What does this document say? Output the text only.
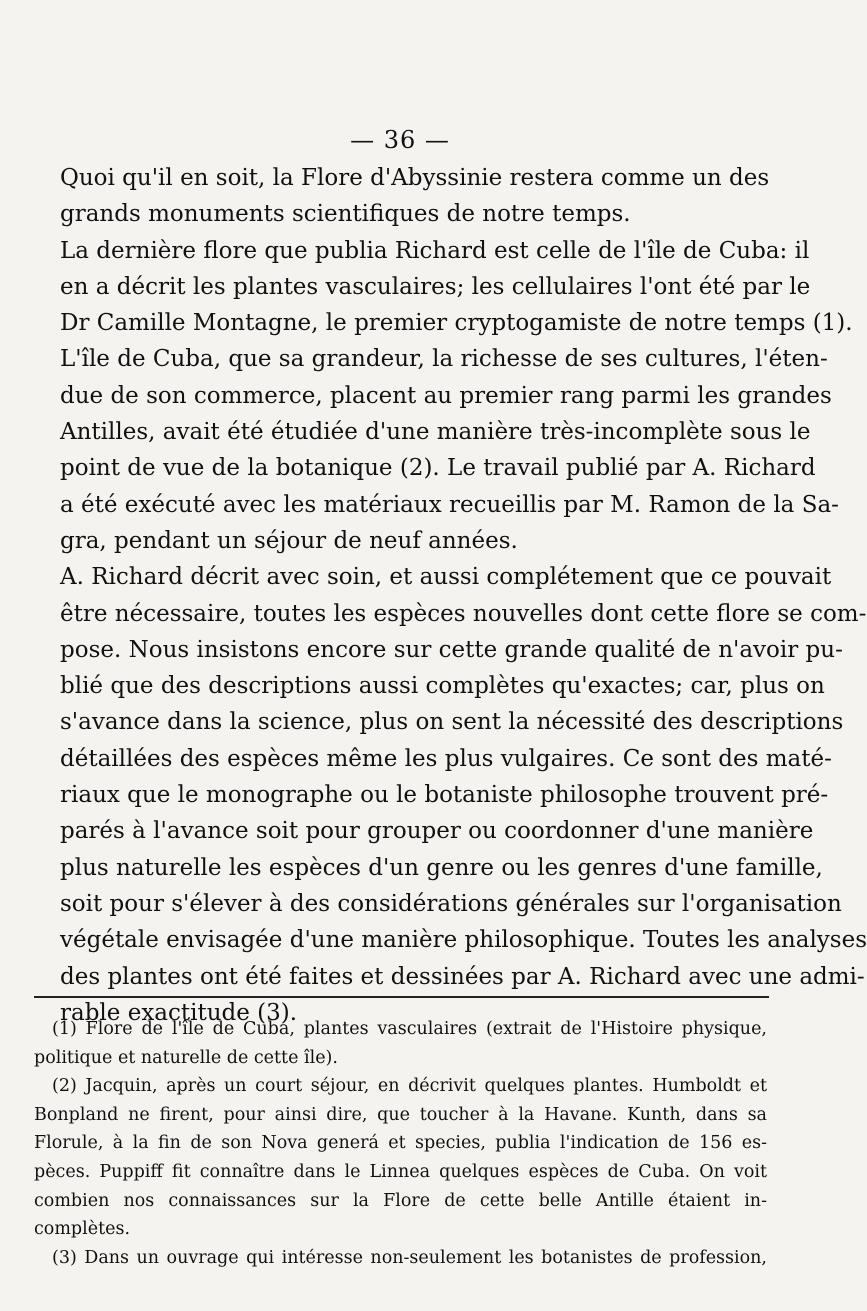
— 36 —
Quoi qu'il en soit, la Flore d'Abyssinie restera comme un des
grands monuments scientifiques de notre temps.
La dernière flore que publia Richard est celle de l'île de Cuba: il
en a décrit les plantes vasculaires; les cellulaires l'ont été par le
Dr Camille Montagne, le premier cryptogamiste de notre temps (1).
L'île de Cuba, que sa grandeur, la richesse de ses cultures, l'éten-
due de son commerce, placent au premier rang parmi les grandes
Antilles, avait été étudiée d'une manière très-incomplète sous le
point de vue de la botanique (2). Le travail publié par A. Richard
a été exécuté avec les matériaux recueillis par M. Ramon de la Sa-
gra, pendant un séjour de neuf années.
A. Richard décrit avec soin, et aussi complétement que ce pouvait
être nécessaire, toutes les espèces nouvelles dont cette flore se com-
pose. Nous insistons encore sur cette grande qualité de n'avoir pu-
blié que des descriptions aussi complètes qu'exactes; car, plus on
s'avance dans la science, plus on sent la nécessité des descriptions
détaillées des espèces même les plus vulgaires. Ce sont des maté-
riaux que le monographe ou le botaniste philosophe trouvent pré-
parés à l'avance soit pour grouper ou coordonner d'une manière
plus naturelle les espèces d'un genre ou les genres d'une famille,
soit pour s'élever à des considérations générales sur l'organisation
végétale envisagée d'une manière philosophique. Toutes les analyses
des plantes ont été faites et dessinées par A. Richard avec une admi-
rable exactitude (3).
(1) Flore de l'île de Cuba, plantes vasculaires (extrait de l'Histoire physique,
politique et naturelle de cette île).
(2) Jacquin, après un court séjour, en décrivit quelques plantes. Humboldt et
Bonpland ne firent, pour ainsi dire, que toucher à la Havane. Kunth, dans sa
Florule, à la fin de son Nova generá et species, publia l'indication de 156 es-
pèces. Puppiff fit connaître dans le Linnea quelques espèces de Cuba. On voit
combien nos connaissances sur la Flore de cette belle Antille étaient in-
complètes.
(3) Dans un ouvrage qui intéresse non-seulement les botanistes de profession,
